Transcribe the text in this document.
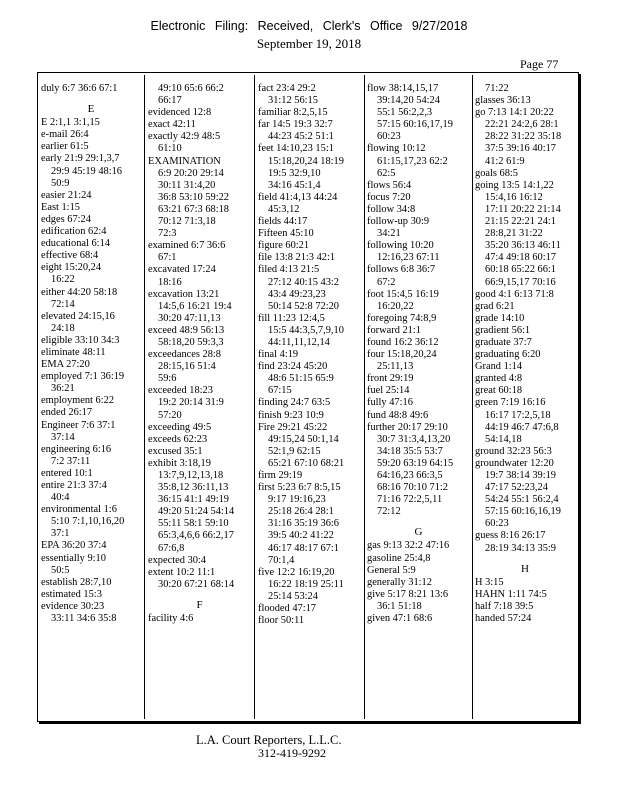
Electronic Filing: Received, Clerk's Office 9/27/2018
September 19, 2018
Page 77
duly 6:7 36:6 67:1
E
E 2:1,1 3:1,15
e-mail 26:4
earlier 61:5
early 21:9 29:1,3,7
29:9 45:19 48:16
50:9
easier 21:24
East 1:15
edges 67:24
edification 62:4
educational 6:14
effective 68:4
eight 15:20,24
16:22
either 44:20 58:18
72:14
elevated 24:15,16
24:18
eligible 33:10 34:3
eliminate 48:11
EMA 27:20
employed 7:1 36:19
36:21
employment 6:22
ended 26:17
Engineer 7:6 37:1
37:14
engineering 6:16
7:2 37:11
entered 10:1
entire 21:3 37:4
40:4
environmental 1:6
5:10 7:1,10,16,20
37:1
EPA 36:20 37:4
essentially 9:10
50:5
establish 28:7,10
estimated 15:3
evidence 30:23
33:11 34:6 35:8
49:10 65:6 66:2
66:17
evidenced 12:8
exact 42:11
exactly 42:9 48:5
61:10
EXAMINATION
6:9 20:20 29:14
30:11 31:4,20
36:8 53:10 59:22
63:21 67:3 68:18
70:12 71:3,18
72:3
examined 6:7 36:6
67:1
excavated 17:24
18:16
excavation 13:21
14:5,6 16:21 19:4
30:20 47:11,13
exceed 48:9 56:13
58:18,20 59:3,3
exceedances 28:8
28:15,16 51:4
59:6
exceeded 18:23
19:2 20:14 31:9
57:20
exceeding 49:5
exceeds 62:23
excused 35:1
exhibit 3:18,19
13:7,9,12,13,18
35:8,12 36:11,13
36:15 41:1 49:19
49:20 51:24 54:14
55:11 58:1 59:10
65:3,4,6,6 66:2,17
67:6,8
expected 30:4
extent 10:2 11:1
30:20 67:21 68:14
F
facility 4:6
fact 23:4 29:2
31:12 56:15
familiar 8:2,5,15
far 14:5 19:3 32:7
44:23 45:2 51:1
feet 14:10,23 15:1
15:18,20,24 18:19
19:5 32:9,10
34:16 45:1,4
field 41:4,13 44:24
45:3,12
fields 44:17
Fifteen 45:10
figure 60:21
file 13:8 21:3 42:1
filed 4:13 21:5
27:12 40:15 43:2
43:4 49:23,23
50:14 52:8 72:20
fill 11:23 12:4,5
15:5 44:3,5,7,9,10
44:11,11,12,14
final 4:19
find 23:24 45:20
48:6 51:15 65:9
67:15
finding 24:7 63:5
finish 9:23 10:9
Fire 29:21 45:22
49:15,24 50:1,14
52:1,9 62:15
65:21 67:10 68:21
firm 29:19
first 5:23 6:7 8:5,15
9:17 19:16,23
25:18 26:4 28:1
31:16 35:19 36:6
39:5 40:2 41:22
46:17 48:17 67:1
70:1,4
five 12:2 16:19,20
16:22 18:19 25:11
25:14 53:24
flooded 47:17
floor 50:11
flow 38:14,15,17
39:14,20 54:24
55:1 56:2,2,3
57:15 60:16,17,19
60:23
flowing 10:12
61:15,17,23 62:2
62:5
flows 56:4
focus 7:20
follow 34:8
follow-up 30:9
34:21
following 10:20
12:16,23 67:11
follows 6:8 36:7
67:2
foot 15:4,5 16:19
16:20,22
foregoing 74:8,9
forward 21:1
found 16:2 36:12
four 15:18,20,24
25:11,13
front 29:19
fuel 25:14
fully 47:16
fund 48:8 49:6
further 20:17 29:10
30:7 31:3,4,13,20
34:18 35:5 53:7
59:20 63:19 64:15
64:16,23 66:3,5
68:16 70:10 71:2
71:16 72:2,5,11
72:12
G
gas 9:13 32:2 47:16
gasoline 25:4,8
General 5:9
generally 31:12
give 5:17 8:21 13:6
36:1 51:18
given 47:1 68:6
71:22
glasses 36:13
go 7:13 14:1 20:22
22:21 24:2,6 28:1
28:22 31:22 35:18
37:5 39:16 40:17
41:2 61:9
goals 68:5
going 13:5 14:1,22
15:4,16 16:12
17:11 20:22 21:14
21:15 22:21 24:1
28:8,21 31:22
35:20 36:13 46:11
47:4 49:18 60:17
60:18 65:22 66:1
66:9,15,17 70:16
good 4:1 6:13 71:8
grad 6:21
grade 14:10
gradient 56:1
graduate 37:7
graduating 6:20
Grand 1:14
granted 4:8
great 60:18
green 7:19 16:16
16:17 17:2,5,18
44:19 46:7 47:6,8
54:14,18
ground 32:23 56:3
groundwater 12:20
19:7 38:14 39:19
47:17 52:23,24
54:24 55:1 56:2,4
57:15 60:16,16,19
60:23
guess 8:16 26:17
28:19 34:13 35:9
H
H 3:15
HAHN 1:11 74:5
half 7:18 39:5
handed 57:24
L.A. Court Reporters, L.L.C.
312-419-9292
